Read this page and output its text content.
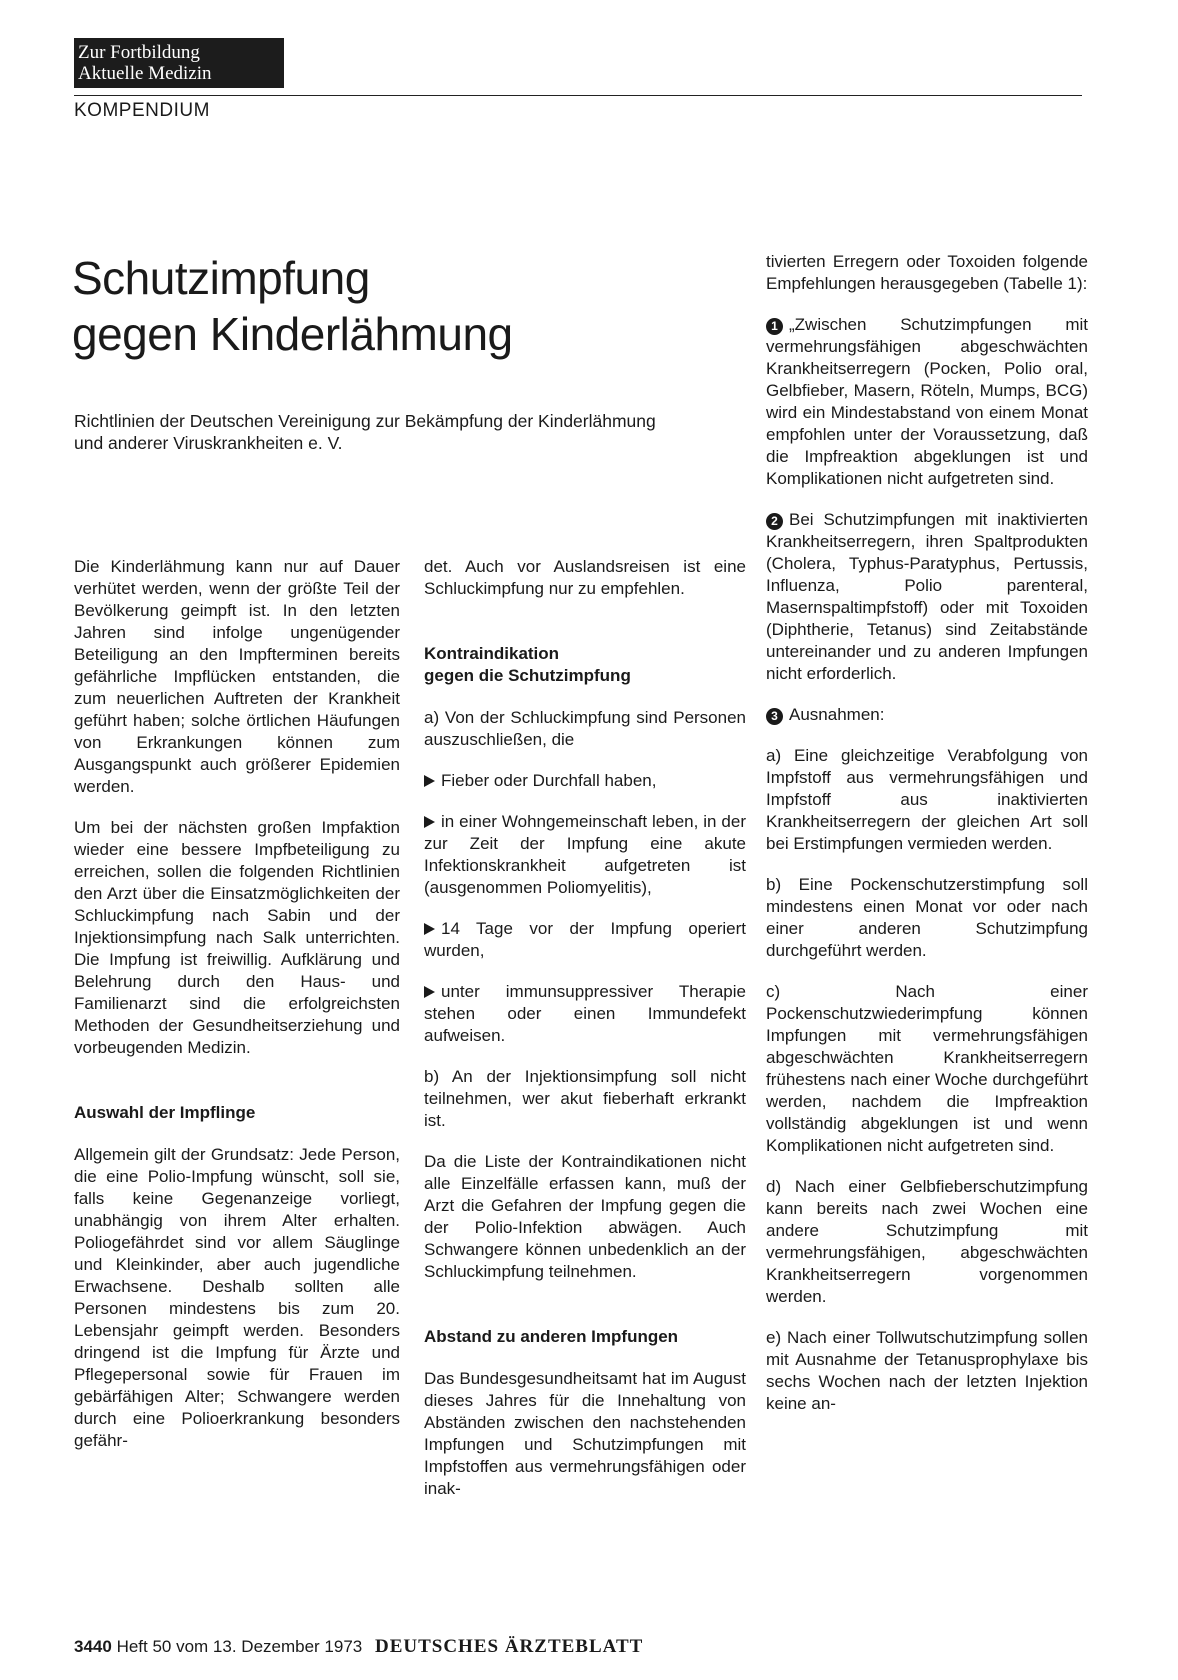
Zur Fortbildung
Aktuelle Medizin
KOMPENDIUM
Schutzimpfung
gegen Kinderlähmung
Richtlinien der Deutschen Vereinigung zur Bekämpfung der Kinderlähmung
und anderer Viruskrankheiten e. V.

Die Kinderlähmung kann nur auf Dauer verhütet werden, wenn der größte Teil der Bevölkerung geimpft ist. In den letzten Jahren sind infolge ungenügender Beteiligung an den Impfterminen bereits gefährliche Impflücken entstanden, die zum neuerlichen Auftreten der Krankheit geführt haben; solche örtlichen Häufungen von Erkrankungen können zum Ausgangspunkt auch größerer Epidemien werden.

Um bei der nächsten großen Impfaktion wieder eine bessere Impfbeteiligung zu erreichen, sollen die folgenden Richtlinien den Arzt über die Einsatzmöglichkeiten der Schluckimpfung nach Sabin und der Injektionsimpfung nach Salk unterrichten. Die Impfung ist freiwillig. Aufklärung und Belehrung durch den Haus- und Familienarzt sind die erfolgreichsten Methoden der Gesundheitserziehung und vorbeugenden Medizin.

Auswahl der Impflinge

Allgemein gilt der Grundsatz: Jede Person, die eine Polio-Impfung wünscht, soll sie, falls keine Gegenanzeige vorliegt, unabhängig von ihrem Alter erhalten. Poliogefährdet sind vor allem Säuglinge und Kleinkinder, aber auch jugendliche Erwachsene. Deshalb sollten alle Personen mindestens bis zum 20. Lebensjahr geimpft werden. Besonders dringend ist die Impfung für Ärzte und Pflegepersonal sowie für Frauen im gebärfähigen Alter; Schwangere werden durch eine Polioerkrankung besonders gefähr-

det. Auch vor Auslandsreisen ist eine Schluckimpfung nur zu empfehlen.

Kontraindikation
gegen die Schutzimpfung

a) Von der Schluckimpfung sind Personen auszuschließen, die

Fieber oder Durchfall haben,

in einer Wohngemeinschaft leben, in der zur Zeit der Impfung eine akute Infektionskrankheit aufgetreten ist (ausgenommen Poliomyelitis),

14 Tage vor der Impfung operiert wurden,

unter immunsuppressiver Therapie stehen oder einen Immundefekt aufweisen.

b) An der Injektionsimpfung soll nicht teilnehmen, wer akut fieberhaft erkrankt ist.

Da die Liste der Kontraindikationen nicht alle Einzelfälle erfassen kann, muß der Arzt die Gefahren der Impfung gegen die der Polio-Infektion abwägen. Auch Schwangere können unbedenklich an der Schluckimpfung teilnehmen.

Abstand zu anderen Impfungen

Das Bundesgesundheitsamt hat im August dieses Jahres für die Innehaltung von Abständen zwischen den nachstehenden Impfungen und Schutzimpfungen mit Impfstoffen aus vermehrungsfähigen oder inak-

tivierten Erregern oder Toxoiden folgende Empfehlungen herausgegeben (Tabelle 1):

1 „Zwischen Schutzimpfungen mit vermehrungsfähigen abgeschwächten Krankheitserregern (Pocken, Polio oral, Gelbfieber, Masern, Röteln, Mumps, BCG) wird ein Mindestabstand von einem Monat empfohlen unter der Voraussetzung, daß die Impfreaktion abgeklungen ist und Komplikationen nicht aufgetreten sind.

2 Bei Schutzimpfungen mit inaktivierten Krankheitserregern, ihren Spaltprodukten (Cholera, Typhus-Paratyphus, Pertussis, Influenza, Polio parenteral, Masernspaltimpfstoff) oder mit Toxoiden (Diphtherie, Tetanus) sind Zeitabstände untereinander und zu anderen Impfungen nicht erforderlich.

3 Ausnahmen:

a) Eine gleichzeitige Verabfolgung von Impfstoff aus vermehrungsfähigen und Impfstoff aus inaktivierten Krankheitserregern der gleichen Art soll bei Erstimpfungen vermieden werden.

b) Eine Pockenschutzerstimpfung soll mindestens einen Monat vor oder nach einer anderen Schutzimpfung durchgeführt werden.

c) Nach einer Pockenschutzwiederimpfung können Impfungen mit vermehrungsfähigen abgeschwächten Krankheitserregern frühestens nach einer Woche durchgeführt werden, nachdem die Impfreaktion vollständig abgeklungen ist und wenn Komplikationen nicht aufgetreten sind.

d) Nach einer Gelbfieberschutzimpfung kann bereits nach zwei Wochen eine andere Schutzimpfung mit vermehrungsfähigen, abgeschwächten Krankheitserregern vorgenommen werden.

e) Nach einer Tollwutschutzimpfung sollen mit Ausnahme der Tetanusprophylaxe bis sechs Wochen nach der letzten Injektion keine an-

3440 Heft 50 vom 13. Dezember 1973 DEUTSCHES ÄRZTEBLATT
